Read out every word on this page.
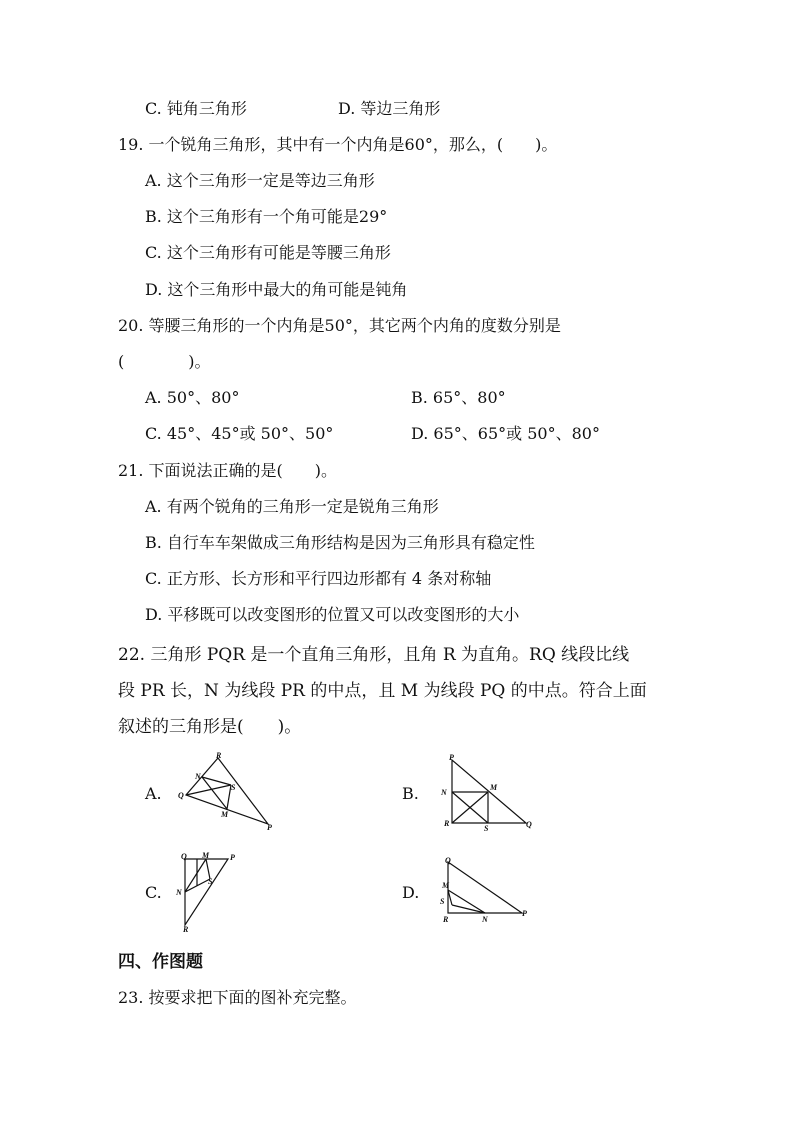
C. 钝角三角形	D. 等边三角形
19. 一个锐角三角形，其中有一个内角是60°，那么，(　　)。
A. 这个三角形一定是等边三角形
B. 这个三角形有一个角可能是29°
C. 这个三角形有可能是等腰三角形
D. 这个三角形中最大的角可能是钝角
20. 等腰三角形的一个内角是50°，其它两个内角的度数分别是
(　　　　)。
A. 50°、80°	B. 65°、80°
C. 45°、45°或 50°、50°	D. 65°、65°或 50°、80°
21. 下面说法正确的是(　　)。
A. 有两个锐角的三角形一定是锐角三角形
B. 自行车车架做成三角形结构是因为三角形具有稳定性
C. 正方形、长方形和平行四边形都有 4 条对称轴
D. 平移既可以改变图形的位置又可以改变图形的大小
22. 三角形 PQR 是一个直角三角形，且角 R 为直角。RQ 线段比线
段 PR 长，N 为线段 PR 的中点，且 M 为线段 PQ 的中点。符合上面
叙述的三角形是(　　)。
A.
R
N
Q
S
M
P
B.
P
M
N
R
S	Q
C.
Q M	P
S
N
R
D.
Q
M
S
R	N
P
四、作图题
23. 按要求把下面的图补充完整。
